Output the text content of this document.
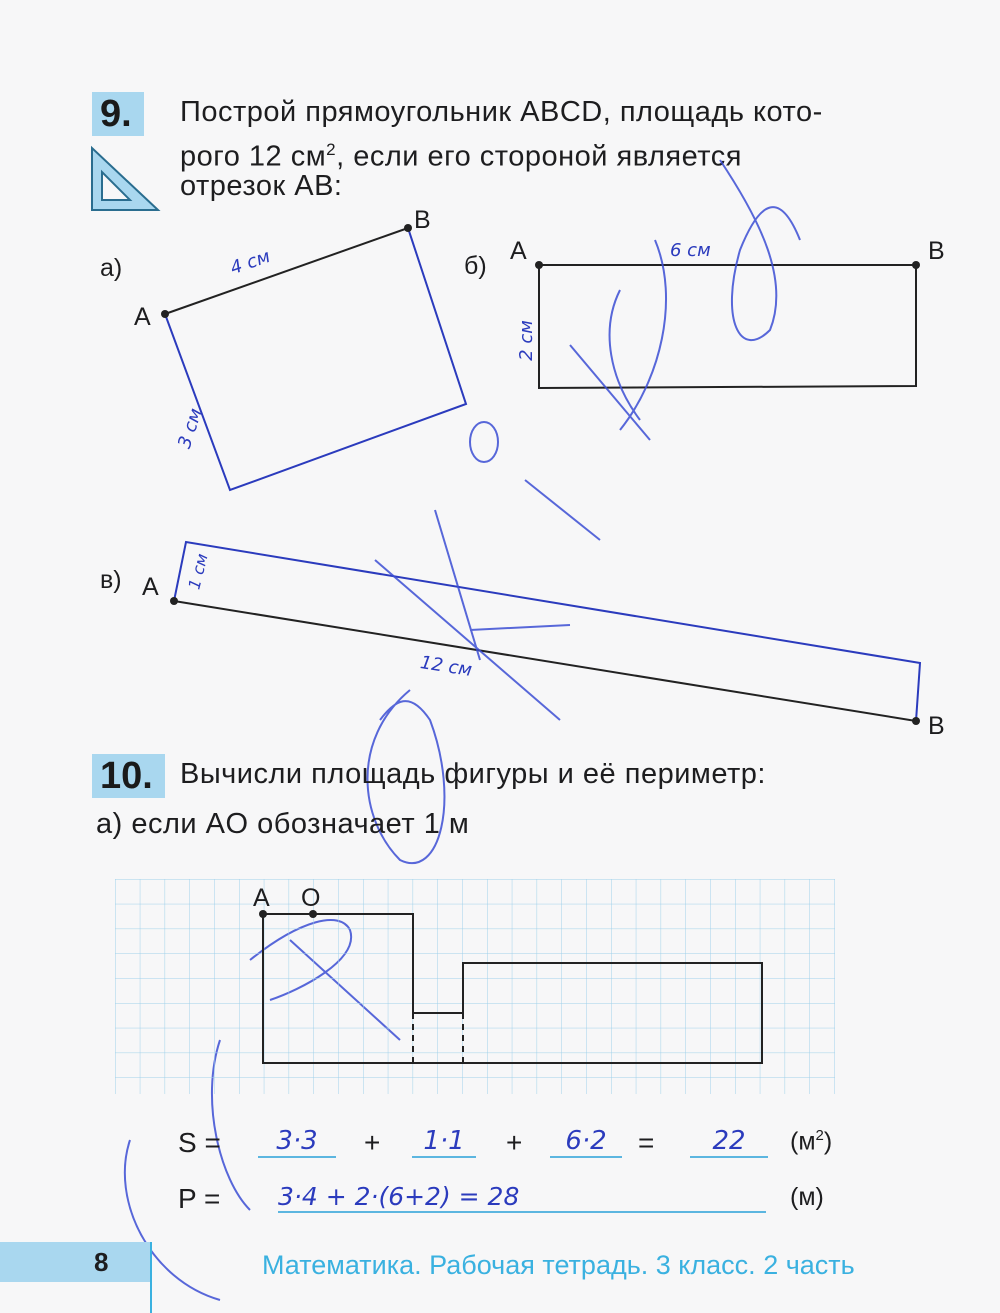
9.	Построй прямоугольник ABCD, площадь кото-
рого 12 $см^2$, если его стороной является
отрезок AB:
а)
A
B
4 см
3 см
б)
A	B
6 см
2 см
в) A
B
1 см
12 см
10. Вычисли площадь фигуры и её периметр:
а) если AO обозначает 1 м
A O
S =	3·3	+	1·1	+	6·2	=	22	$(м^2)$
P = 3·4 + 2·(6+2) = 28	(м)
8	Математика. Рабочая тетрадь. 3 класс. 2 часть
